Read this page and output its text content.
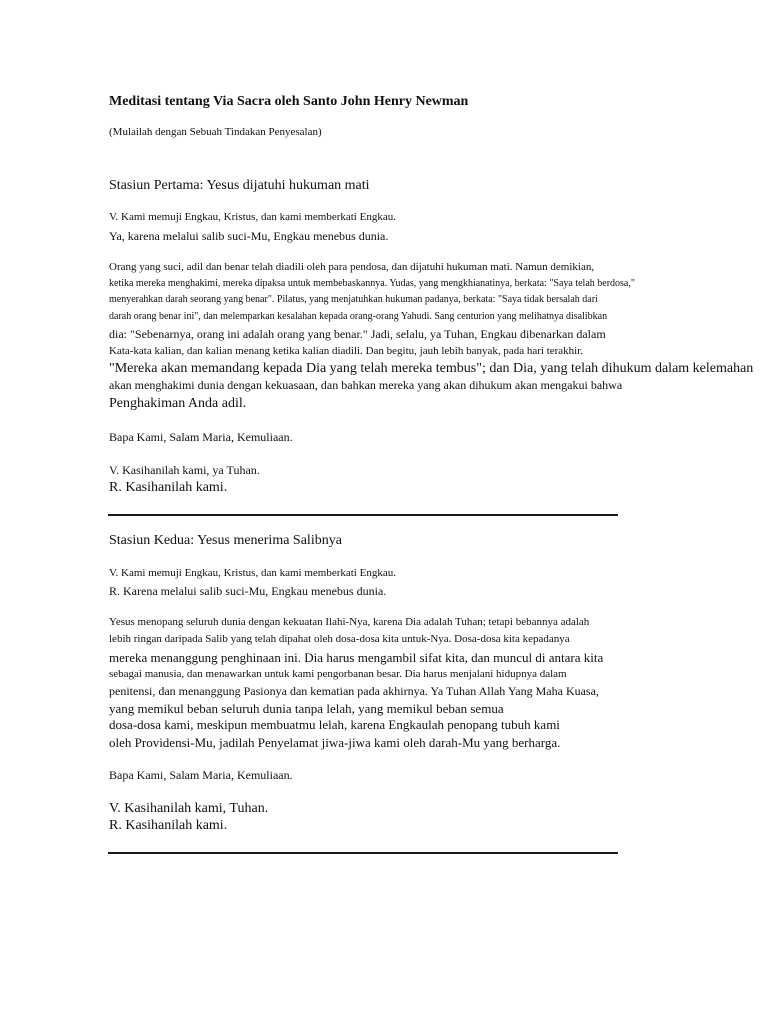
Meditasi tentang Via Sacra oleh Santo John Henry Newman
(Mulailah dengan Sebuah Tindakan Penyesalan)
Stasiun Pertama: Yesus dijatuhi hukuman mati
V. Kami memuji Engkau, Kristus, dan kami memberkati Engkau.
Ya, karena melalui salib suci-Mu, Engkau menebus dunia.
Orang yang suci, adil dan benar telah diadili oleh para pendosa, dan dijatuhi hukuman mati. Namun demikian,
ketika mereka menghakimi, mereka dipaksa untuk membebaskannya. Yudas, yang mengkhianatinya, berkata: "Saya telah berdosa,"
menyerahkan darah seorang yang benar". Pilatus, yang menjatuhkan hukuman padanya, berkata: "Saya tidak bersalah dari
darah orang benar ini", dan melemparkan kesalahan kepada orang-orang Yahudi. Sang centurion yang melihatnya disalibkan
dia: "Sebenarnya, orang ini adalah orang yang benar." Jadi, selalu, ya Tuhan, Engkau dibenarkan dalam
Kata-kata kalian, dan kalian menang ketika kalian diadili. Dan begitu, jauh lebih banyak, pada hari terakhir.
"Mereka akan memandang kepada Dia yang telah mereka tembus"; dan Dia, yang telah dihukum dalam kelemahan
akan menghakimi dunia dengan kekuasaan, dan bahkan mereka yang akan dihukum akan mengakui bahwa
Penghakiman Anda adil.
Bapa Kami, Salam Maria, Kemuliaan.
V. Kasihanilah kami, ya Tuhan.
R. Kasihanilah kami.
Stasiun Kedua: Yesus menerima Salibnya
V. Kami memuji Engkau, Kristus, dan kami memberkati Engkau.
R. Karena melalui salib suci-Mu, Engkau menebus dunia.
Yesus menopang seluruh dunia dengan kekuatan Ilahi-Nya, karena Dia adalah Tuhan; tetapi bebannya adalah
lebih ringan daripada Salib yang telah dipahat oleh dosa-dosa kita untuk-Nya. Dosa-dosa kita kepadanya
mereka menanggung penghinaan ini. Dia harus mengambil sifat kita, dan muncul di antara kita
sebagai manusia, dan menawarkan untuk kami pengorbanan besar. Dia harus menjalani hidupnya dalam
penitensi, dan menanggung Pasionya dan kematian pada akhirnya. Ya Tuhan Allah Yang Maha Kuasa,
yang memikul beban seluruh dunia tanpa lelah, yang memikul beban semua
dosa-dosa kami, meskipun membuatmu lelah, karena Engkaulah penopang tubuh kami
oleh Providensi-Mu, jadilah Penyelamat jiwa-jiwa kami oleh darah-Mu yang berharga.
Bapa Kami, Salam Maria, Kemuliaan.
V. Kasihanilah kami, Tuhan.
R. Kasihanilah kami.
